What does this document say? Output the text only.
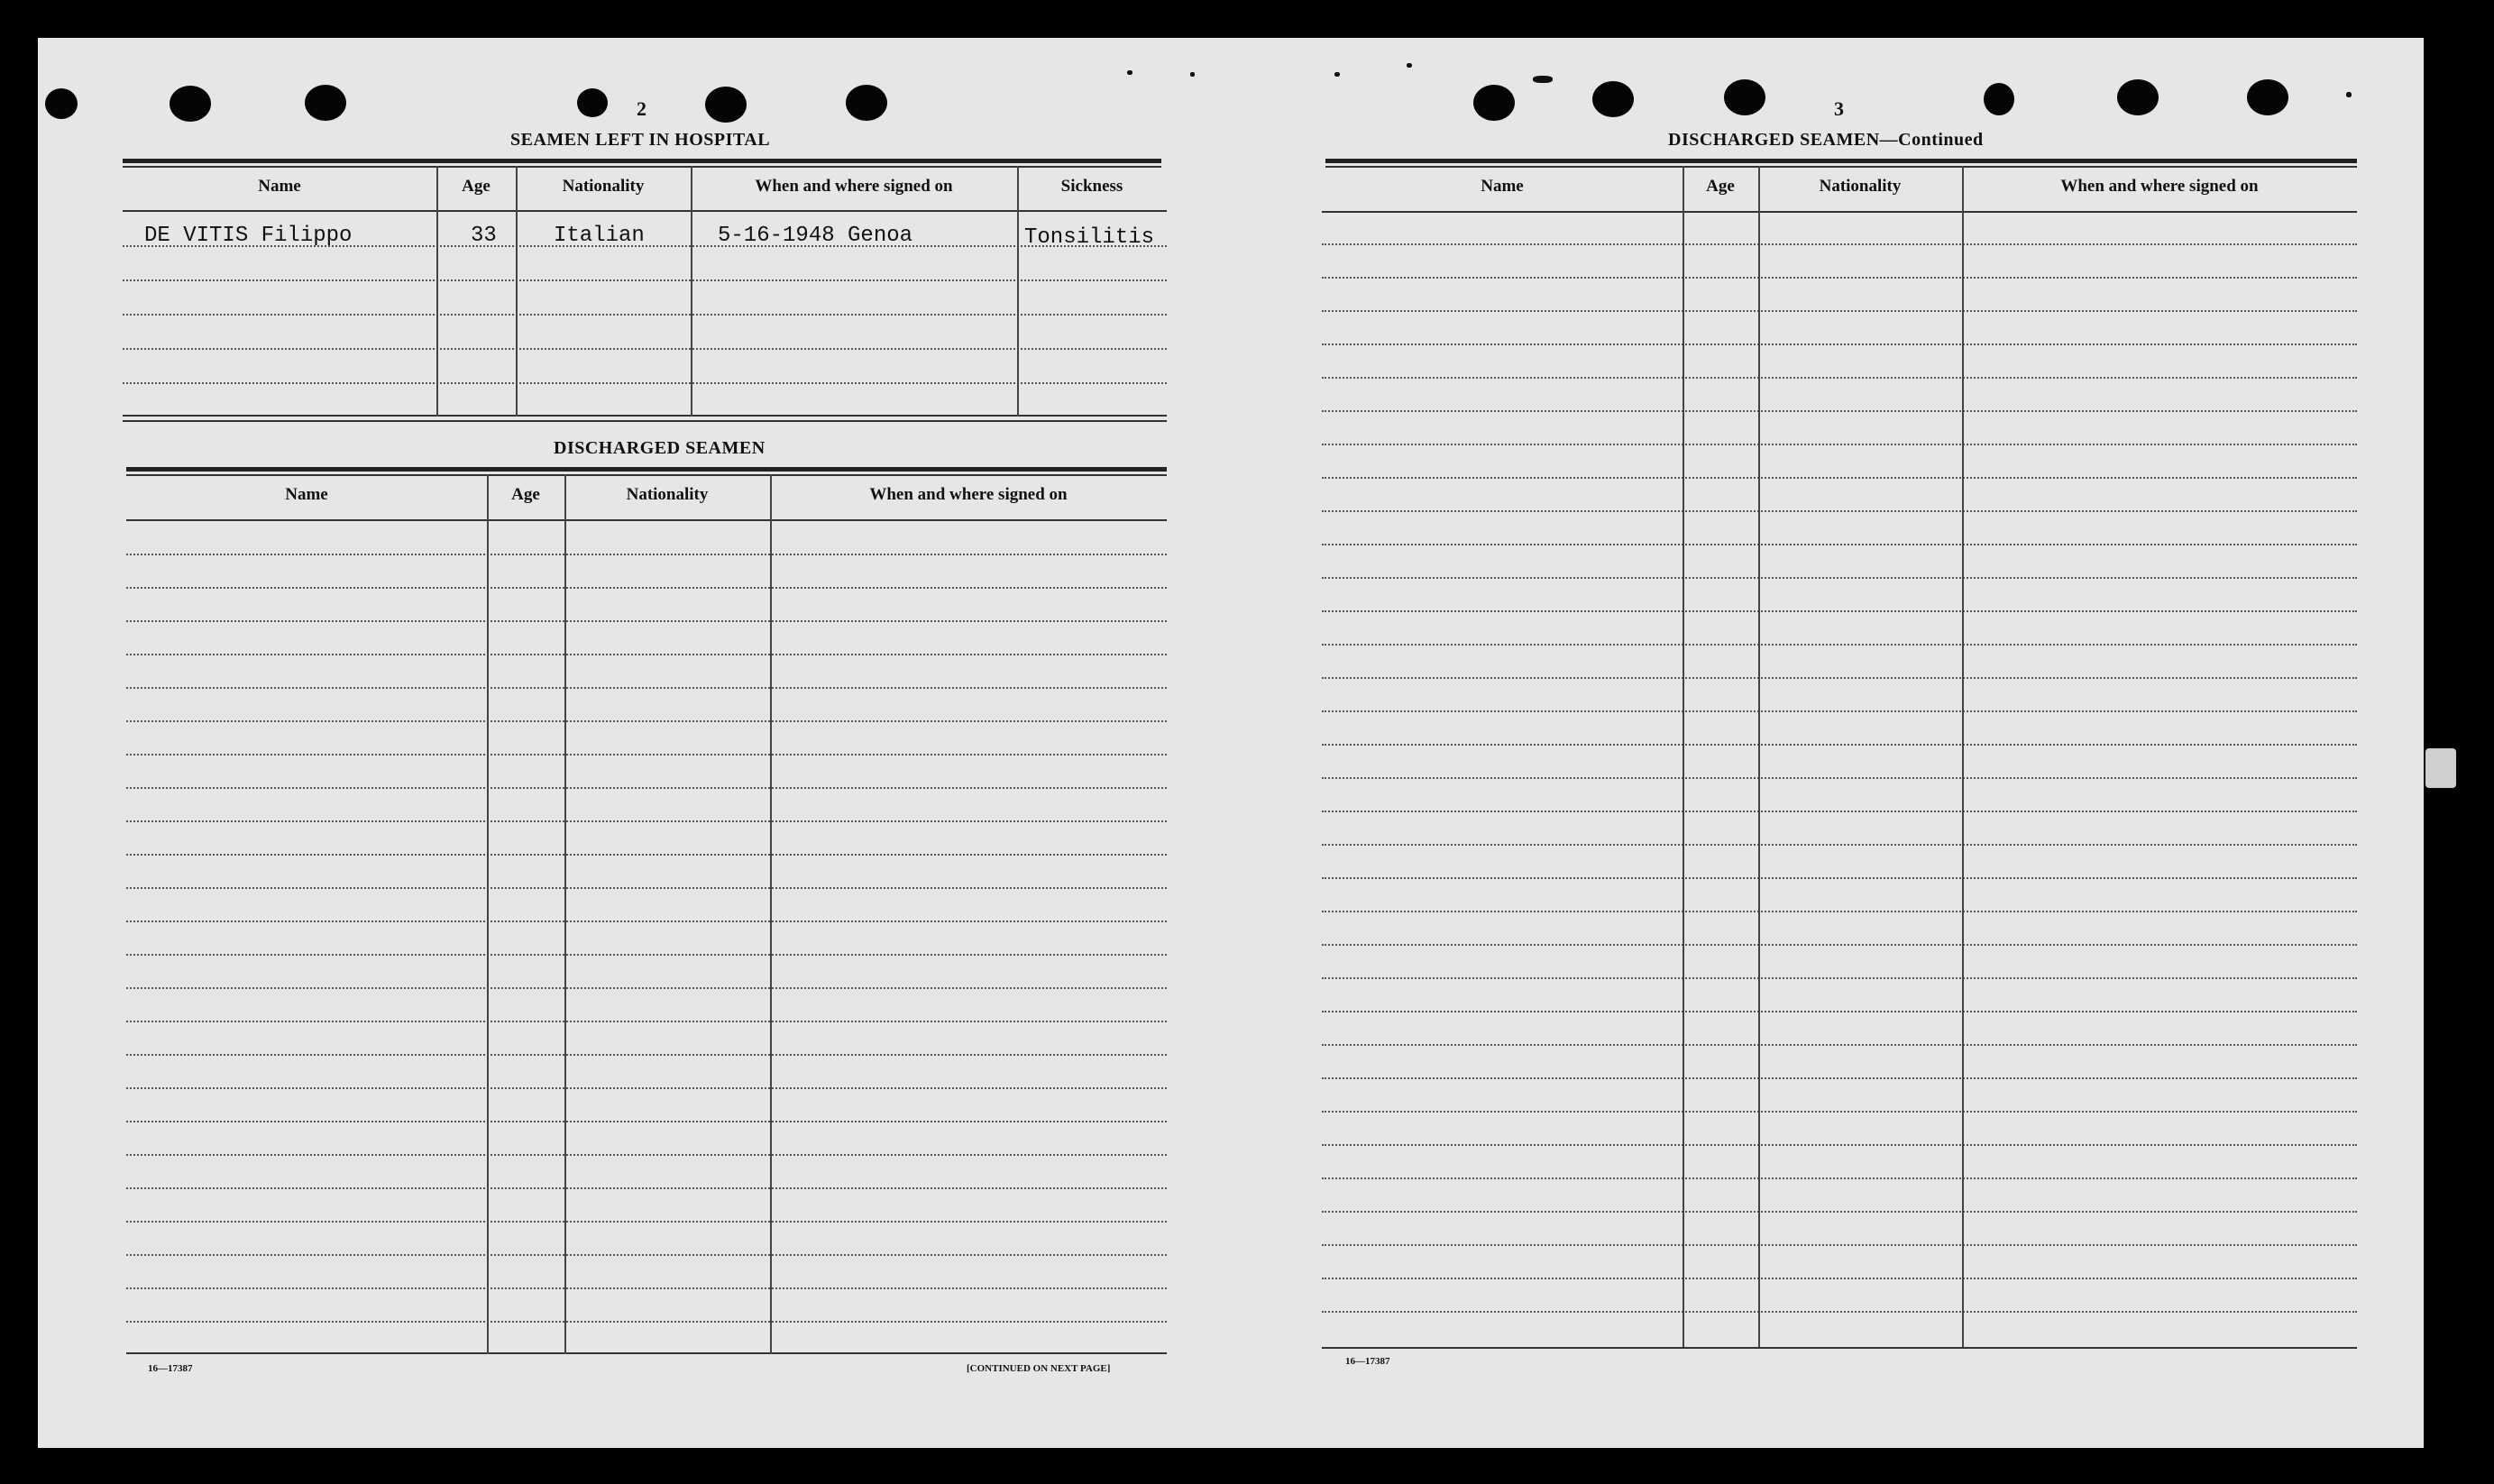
2	3
SEAMEN LEFT IN HOSPITAL
Name	Age	Nationality	When and where signed on	Sickness
DE VITIS Filippo	33	Italian	5-16-1948 Genoa	Tonsilitis
DISCHARGED SEAMEN
Name	Age	Nationality	When and where signed on
16—17387	[CONTINUED ON NEXT PAGE]
DISCHARGED SEAMEN—Continued
Name	Age	Nationality	When and where signed on
16—17387
